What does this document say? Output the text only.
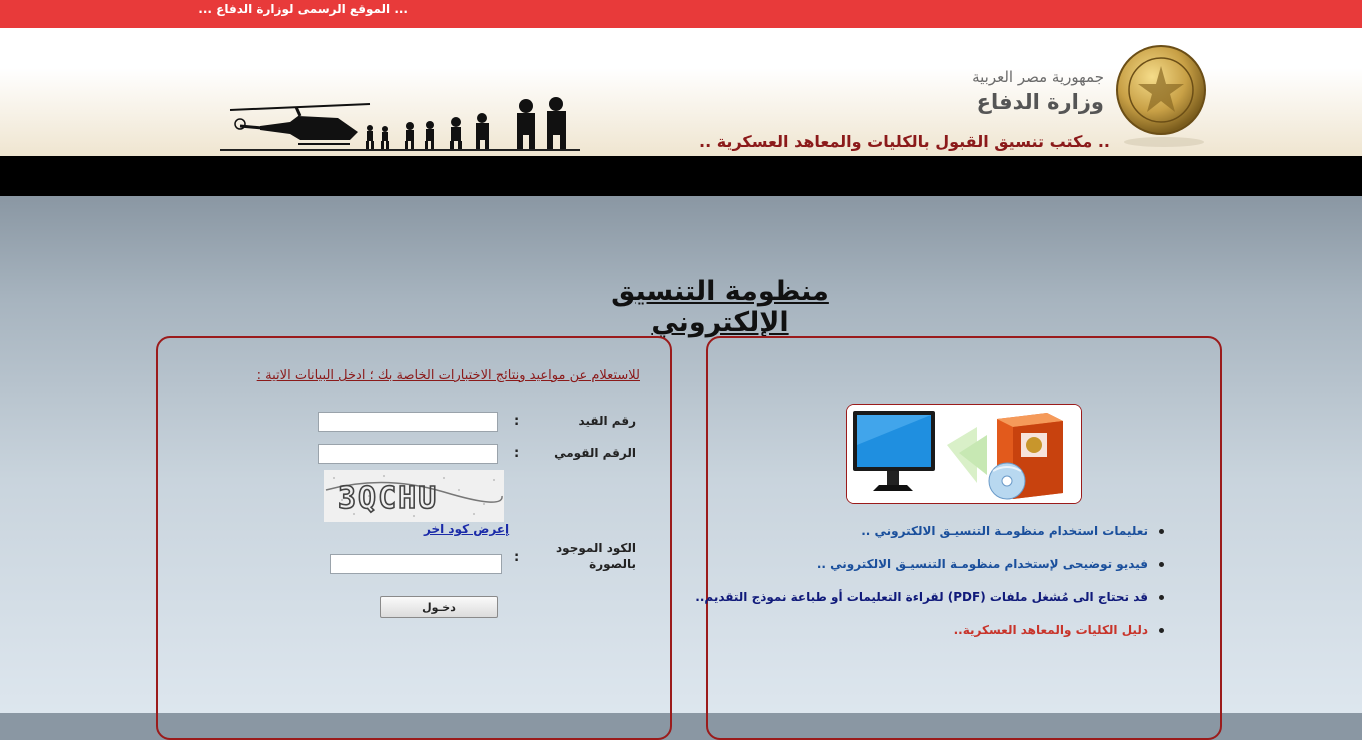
... الموقع الرسمى لوزارة الدفاع ...
جمهورية مصر العربية
وزارة الدفاع
.. مكتب تنسيق القبول بالكليات والمعاهد العسكرية ..
منظومة التنسيق الإلكتروني
للاستعلام عن مواعيد ونتائج الاختبارات الخاصة بك ؛ ادخل البيانات الاتية :
رقم القيد
:
الرقم القومي
:
3QCHU
إعرض كود اخر
الكود الموجود
بالصورة
:
دخـول
تعليمات استخدام منظومـة التنسيـق الالكتروني ..
فيديو توضيحى لإستخدام منظومـة التنسيـق الالكتروني ..
قد تحتاج الى مُشغل ملفات (PDF) لقراءة التعليمات أو طباعة نموذج التقديم..
دليل الكليات والمعاهد العسكرية..
